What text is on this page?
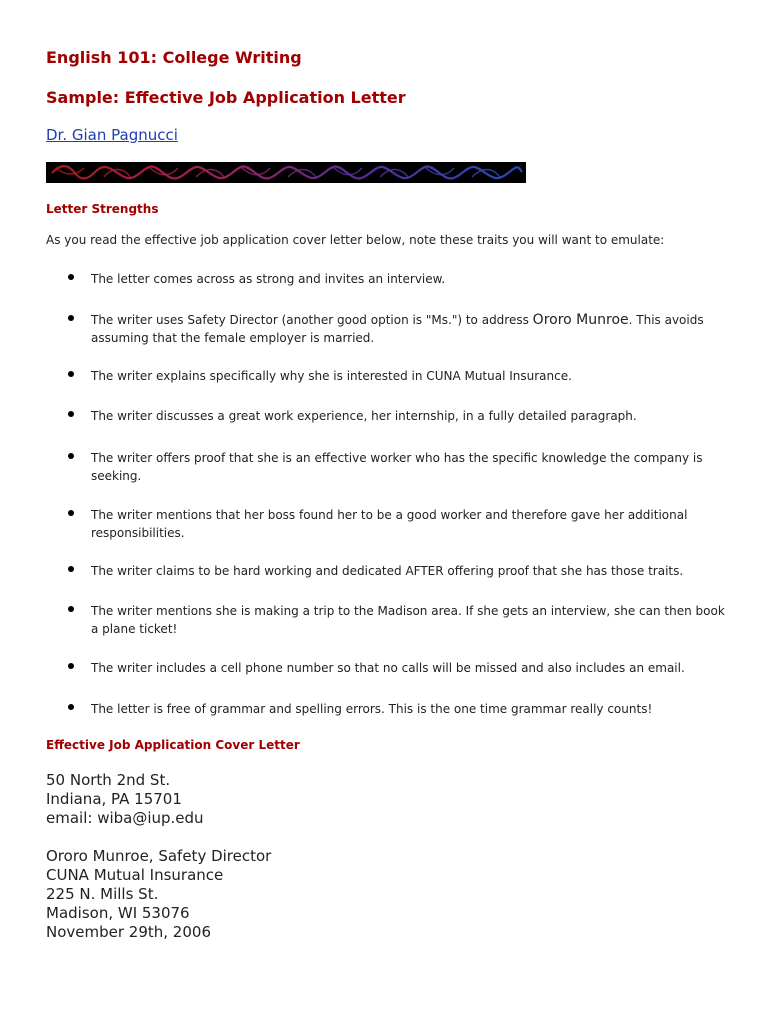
English 101: College Writing
Sample: Effective Job Application Letter
Dr. Gian Pagnucci
Letter Strengths

As you read the effective job application cover letter below, note these traits you will want to emulate:

The letter comes across as strong and invites an interview.
The writer uses Safety Director (another good option is "Ms.") to address Ororo Munroe. This avoids assuming that the female employer is married.
The writer explains specifically why she is interested in CUNA Mutual Insurance.
The writer discusses a great work experience, her internship, in a fully detailed paragraph.
The writer offers proof that she is an effective worker who has the specific knowledge the company is seeking.
The writer mentions that her boss found her to be a good worker and therefore gave her additional responsibilities.
The writer claims to be hard working and dedicated AFTER offering proof that she has those traits.
The writer mentions she is making a trip to the Madison area. If she gets an interview, she can then book a plane ticket!
The writer includes a cell phone number so that no calls will be missed and also includes an email.
The letter is free of grammar and spelling errors. This is the one time grammar really counts!
Effective Job Application Cover Letter
50 North 2nd St.
Indiana, PA 15701
email: wiba@iup.edu
Ororo Munroe, Safety Director
CUNA Mutual Insurance
225 N. Mills St.
Madison, WI 53076
November 29th, 2006
